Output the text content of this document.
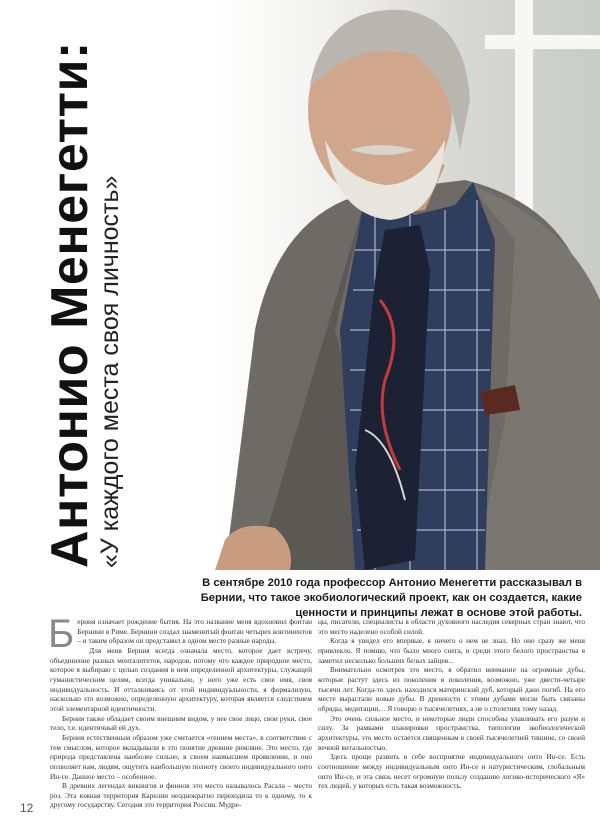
Антонио Менегетти:
«У каждого места своя личность»
В сентябре 2010 года профессор Антонио Менегетти рассказывал в Бернии, что такое экобиологический проект, как он создается, какие ценности и принципы лежат в основе этой работы.

Берния означает рождение бытия. На это название меня вдохновил фонтан Бернини в Риме. Бернини создал знаменитый фонтан четырех континентов – и таким образом он представил в одном месте разные народы.

Для меня Берния всегда означала место, которое дает встречу, объединение разных менталитетов, народов, потому что каждое природное место, которое я выбираю с целью создания в нем определенной архитектуры, служащей гуманистическим целям, всегда уникально, у него уже есть свое имя, своя индивидуальность. И отталкиваясь от этой индивидуальности, я формализую, насколько это возможно, определенную архитектуру, которая является следствием этой элементарной идентичности.

Берния также обладает своим внешним видом, у нее свое лицо, свои руки, свое тело, т.е. идентичный ей дух.

Берния естественным образом уже считается «гением места», в соответствие с тем смыслом, которое вкладывали в это понятие древние римляне. Это место, где природа представлена наиболее сильно, в своем наивысшем проявлении, и оно позволяет нам, людям, ощутить наибольшую полноту своего индивидуального онто Ин-се. Данное место – особенное.

В древних легендах викингов и финнов это место называлось Расала – место роз. Эта южная территория Карелии неоднократно переходила то к одному, то к другому государству. Сегодня это территория России. Мудре-

цы, писатели, специалисты в области духовного наследия северных стран знают, что это место наделено особой силой.

Когда я увидел его впервые, я ничего о нем не знал. Но оно сразу же меня привлекло. Я помню, что было много снега, и среди этого белого пространства я заметил несколько больших белых зайцев...

Внимательно осмотрев это место, я обратил внимание на огромные дубы, которые растут здесь из поколения в поколения, возможно, уже двести-четыре тысячи лет. Когда-то здесь находился материнский дуб, который дано погиб. На его месте вырастали новые дубы. В древности с этими дубами могли быть связаны обряды, медитации… Я говорю о тысячелетиях, а не о столетиях тому назад.

Это очень сильное место, и некоторые люди способны улавливать его разум и силу. За рамками планировки пространства, типологии экобиологической архитектуры, это место остается священным в своей тысячелетней тишине, со своей вечной витальностью.

Здесь проще развить в себе восприятие индивидуального онто Ин-се. Есть соотношение между индивидуальным онто Ин-се и натуристическим, глобальным онто Ин-се, и эта связь несет огромную пользу созданию логико-исторического «Я» тех людей, у которых есть такая возможность.

12
